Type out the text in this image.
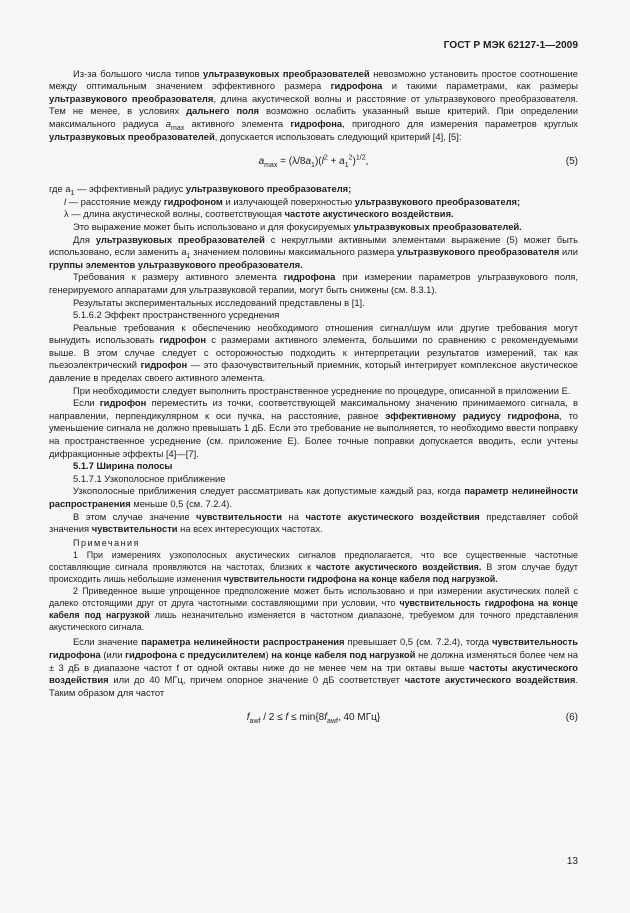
ГОСТ Р МЭК 62127-1—2009

Из-за большого числа типов ультразвуковых преобразователей невозможно установить простое соотношение между оптимальным значением эффективного размера гидрофона и такими параметрами, как размеры ультразвукового преобразователя, длина акустической волны и расстояние от ультразвукового преобразователя. Тем не менее, в условиях дальнего поля возможно ослабить указанный выше критерий. При определении максимального радиуса $a_{max}$ активного элемента гидрофона, пригодного для измерения параметров круглых ультразвуковых преобразователей, допускается использовать следующий критерий [4], [5]:

$a_{max} = (\lambda/8a_1)(l^2 + a_1^2)^{1/2}$,	(5)

где $a_1$ — эффективный радиус ультразвукового преобразователя;

l — расстояние между гидрофоном и излучающей поверхностью ультразвукового преобразователя;

λ — длина акустической волны, соответствующая частоте акустического воздействия.

Это выражение может быть использовано и для фокусируемых ультразвуковых преобразователей.

Для ультразвуковых преобразователей с некруглыми активными элементами выражение (5) может быть использовано, если заменить $a_1$ значением половины максимального размера ультразвукового преобразователя или группы элементов ультразвукового преобразователя.

Требования к размеру активного элемента гидрофона при измерении параметров ультразвукового поля, генерируемого аппаратами для ультразвуковой терапии, могут быть снижены (см. 8.3.1).

Результаты экспериментальных исследований представлены в [1].

5.1.6.2 Эффект пространственного усреднения

Реальные требования к обеспечению необходимого отношения сигнал/шум или другие требования могут вынудить использовать гидрофон с размерами активного элемента, большими по сравнению с рекомендуемыми выше. В этом случае следует с осторожностью подходить к интерпретации результатов измерений, так как пьезоэлектрический гидрофон — это фазочувствительный приемник, который интегрирует комплексное акустическое давление в пределах своего активного элемента.

При необходимости следует выполнить пространственное усреднение по процедуре, описанной в приложении Е.

Если гидрофон переместить из точки, соответствующей максимальному значению принимаемого сигнала, в направлении, перпендикулярном к оси пучка, на расстояние, равное эффективному радиусу гидрофона, то уменьшение сигнала не должно превышать 1 дБ. Если это требование не выполняется, то необходимо ввести поправку на пространственное усреднение (см. приложение Е). Более точные поправки допускается вводить, если учтены дифракционные эффекты [4]—[7].

5.1.7 Ширина полосы

5.1.7.1 Узкополосное приближение

Узкополосные приближения следует рассматривать как допустимые каждый раз, когда параметр нелинейности распространения меньше 0,5 (см. 7.2.4).

В этом случае значение чувствительности на частоте акустического воздействия представляет собой значения чувствительности на всех интересующих частотах.

Примечания

1 При измерениях узкополосных акустических сигналов предполагается, что все существенные частотные составляющие сигнала проявляются на частотах, близких к частоте акустического воздействия. В этом случае будут происходить лишь небольшие изменения чувствительности гидрофона на конце кабеля под нагрузкой.

2 Приведенное выше упрощенное предположение может быть использовано и при измерении акустических полей с далеко отстоящими друг от друга частотными составляющими при условии, что чувствительность гидрофона на конце кабеля под нагрузкой лишь незначительно изменяется в частотном диапазоне, требуемом для точного представления акустического сигнала.

Если значение параметра нелинейности распространения превышает 0,5 (см. 7.2.4), тогда чувствительность гидрофона (или гидрофона с предусилителем) на конце кабеля под нагрузкой не должна изменяться более чем на ± 3 дБ в диапазоне частот f от одной октавы ниже до не менее чем на три октавы выше частоты акустического воздействия или до 40 МГц, причем опорное значение 0 дБ соответствует частоте акустического воздействия. Таким образом для частот

$f_{awf} / 2 \le f \le \min\{8f_{awf}$, 40 МГц}	(6)
13
